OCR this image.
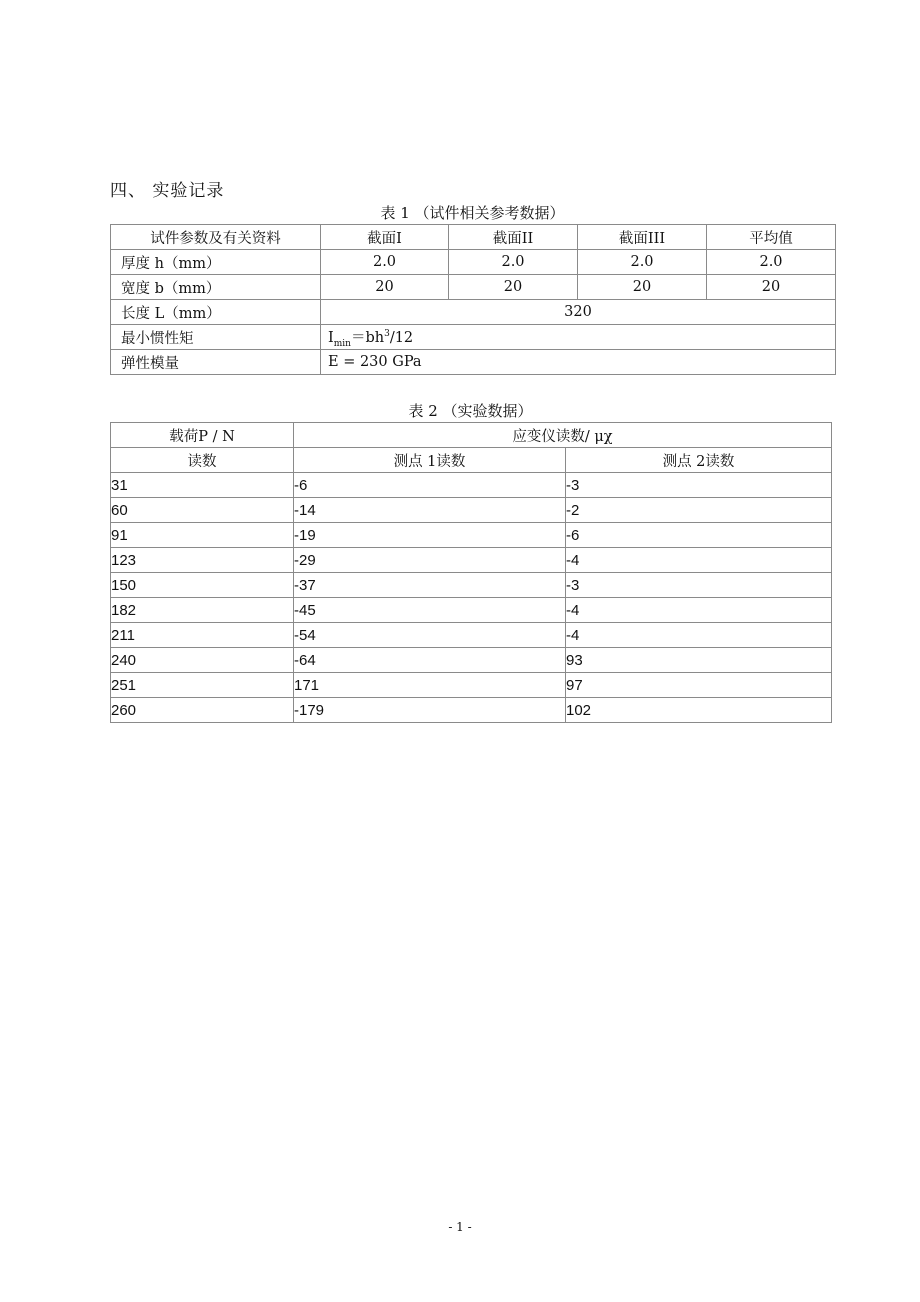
四、 实验记录
表 1 （试件相关参考数据）
试件参数及有关资料	截面I	截面II	截面III	平均值
厚度 h（mm）	2.0	2.0	2.0	2.0
宽度 b（mm）	20	20	20	20
长度 L（mm）	320			
最小惯性矩	$I_{min}=bh^3/12$			
弹性模量	E = 230 GPa			
表 2 （实验数据）
载荷P / N	应变仪读数/ μχ	
读数	测点 1读数	测点 2读数
31	-6	-3
60	-14	-2
91	-19	-6
123	-29	-4
150	-37	-3
182	-45	-4
211	-54	-4
240	-64	93
251	171	97
260	-179	102
- 1 -
